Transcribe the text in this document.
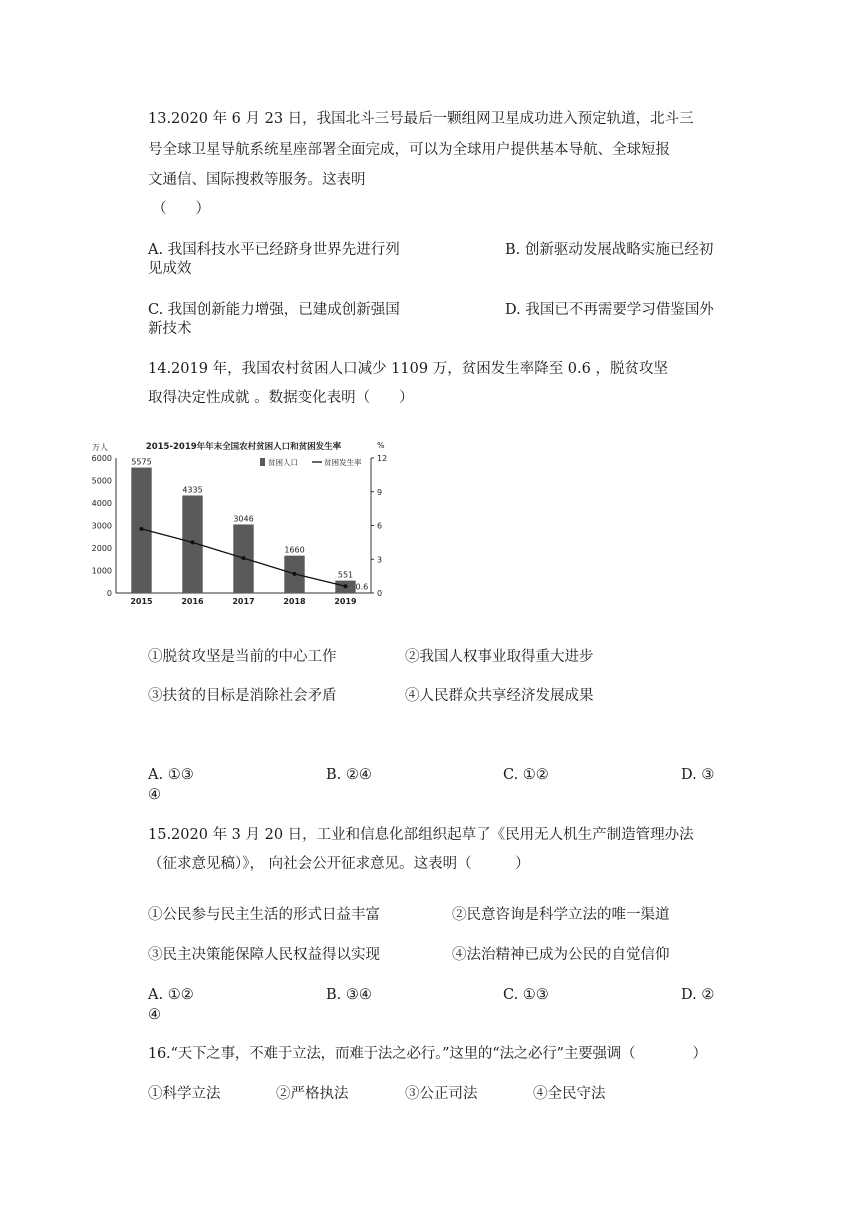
13.2020 年 6 月 23 日，我国北斗三号最后一颗组网卫星成功进入预定轨道，北斗三
号全球卫星导航系统星座部署全面完成，可以为全球用户提供基本导航、全球短报
文通信、国际搜救等服务。这表明
（　　）
A. 我国科技水平已经跻身世界先进行列
见成效
B. 创新驱动发展战略实施已经初
C. 我国创新能力增强，已建成创新强国
新技术
D. 我国已不再需要学习借鉴国外
14.2019 年，我国农村贫困人口减少 1109 万，贫困发生率降至 0.6 ，脱贫攻坚
取得决定性成就 。数据变化表明（　　）
2015-2019年年末全国农村贫困人口和贫困发生率
万人	%
0
1000
2000
3000
4000
5000
6000
0
3
6
9
12
5575
4335
3046
1660
551
0.6
2015	2016	2017	2018	2019
贫困人口	贫困发生率
①脱贫攻坚是当前的中心工作	②我国人权事业取得重大进步
③扶贫的目标是消除社会矛盾	④人民群众共享经济发展成果
A. ①③	B. ②④	C. ①②	D. ③
④
15.2020 年 3 月 20 日，工业和信息化部组织起草了《民用无人机生产制造管理办法
（征求意见稿）》， 向社会公开征求意见。这表明（　　　）
①公民参与民主生活的形式日益丰富	②民意咨询是科学立法的唯一渠道
③民主决策能保障人民权益得以实现	④法治精神已成为公民的自觉信仰
A. ①②	B. ③④	C. ①③	D. ②
④
16.“天下之事，不难于立法，而难于法之必行。”这里的“法之必行”主要强调（　　　　）
①科学立法	②严格执法	③公正司法	④全民守法
